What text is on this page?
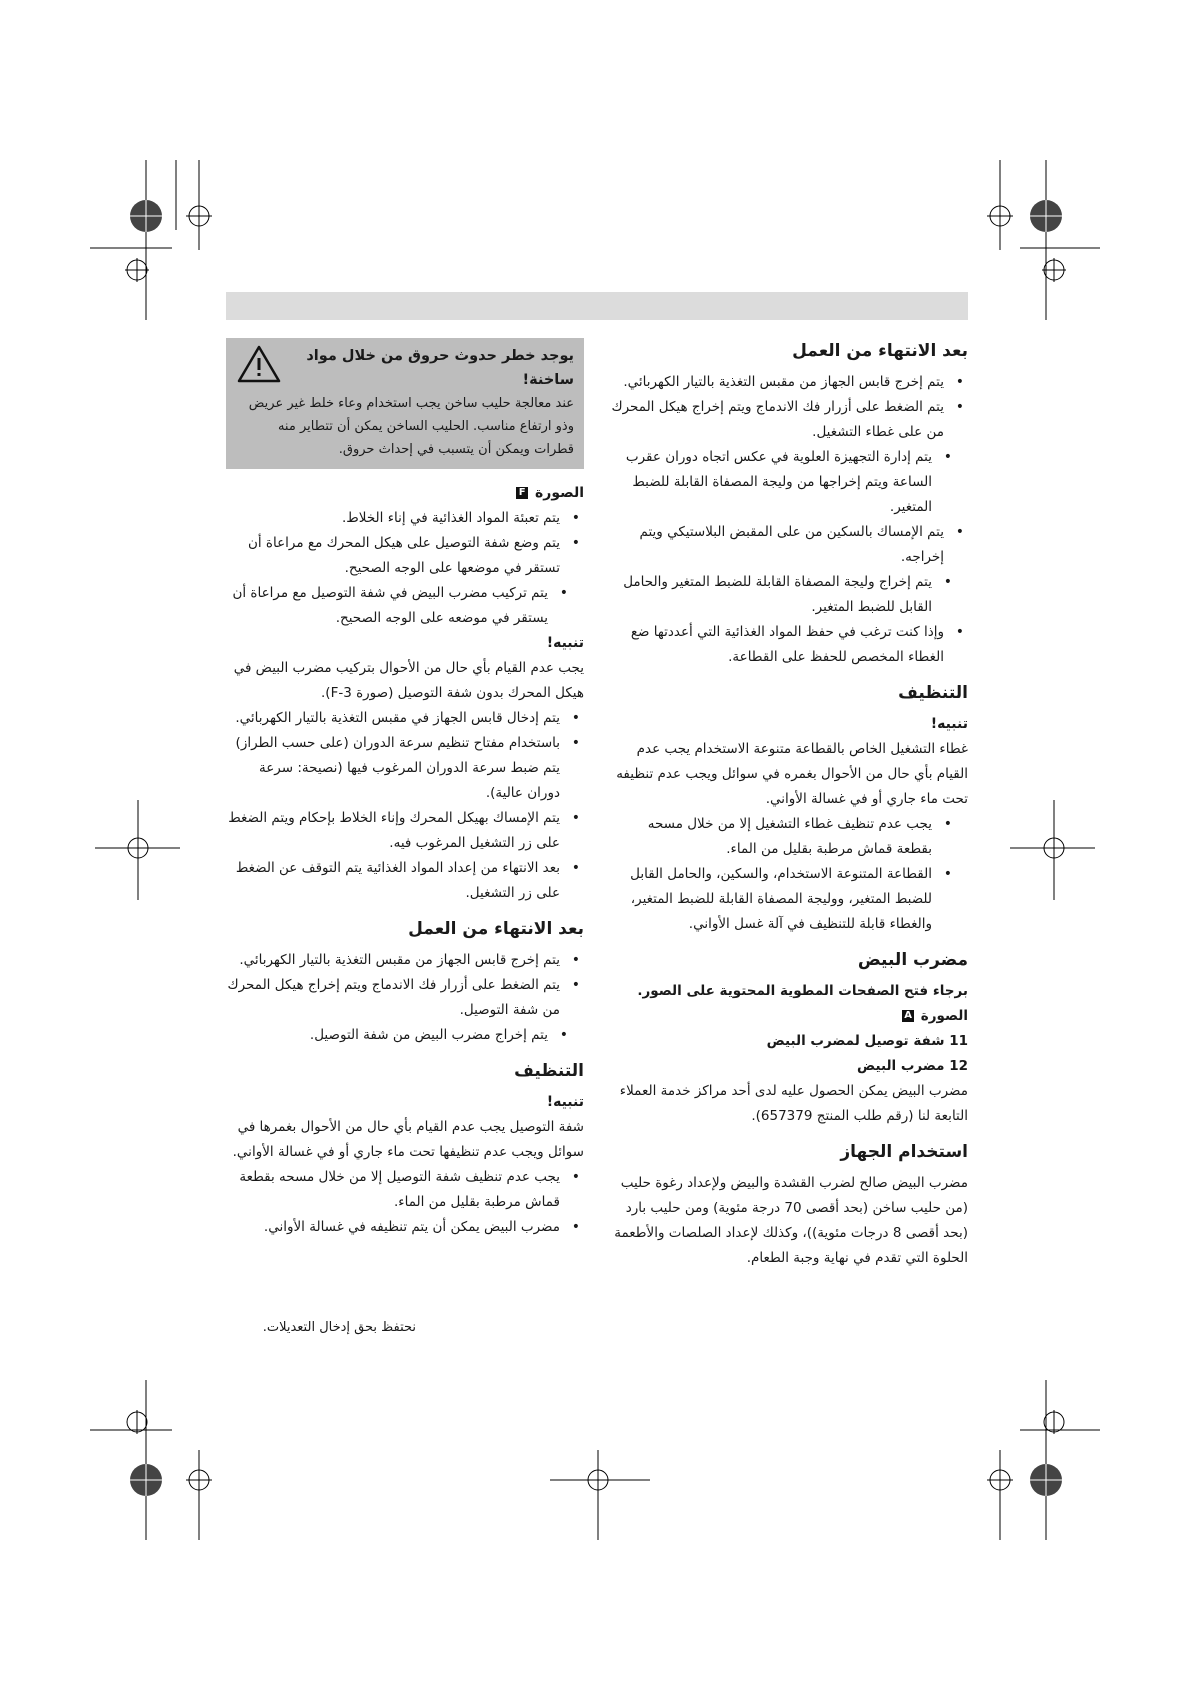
بعد الانتهاء من العمل
• يتم إخرج قابس الجهاز من مقبس التغذية بالتيار الكهربائي.
• يتم الضغط على أزرار فك الاندماج ويتم إخراج هيكل المحرك من على غطاء التشغيل.
• يتم إدارة التجهيزة العلوية في عكس اتجاه دوران عقرب الساعة ويتم إخراجها من وليجة المصفاة القابلة للضبط المتغير.
• يتم الإمساك بالسكين من على المقبض البلاستيكي ويتم إخراجه.
• يتم إخراج وليجة المصفاة القابلة للضبط المتغير والحامل القابل للضبط المتغير.
• وإذا كنت ترغب في حفظ المواد الغذائية التي أعددتها ضع الغطاء المخصص للحفظ على القطاعة.
التنظيف
تنبيه!

غطاء التشغيل الخاص بالقطاعة متنوعة الاستخدام يجب عدم القيام بأي حال من الأحوال بغمره في سوائل ويجب عدم تنظيفه تحت ماء جاري أو في غسالة الأواني.

• يجب عدم تنظيف غطاء التشغيل إلا من خلال مسحه بقطعة قماش مرطبة بقليل من الماء.
• القطاعة المتنوعة الاستخدام، والسكين، والحامل القابل للضبط المتغير، ووليجة المصفاة القابلة للضبط المتغير، والغطاء قابلة للتنظيف في آلة غسل الأواني.
مضرب البيض

برجاء فتح الصفحات المطوية المحتوية على الصور.

الصورة A

11 شفة توصيل لمضرب البيض

12 مضرب البيض

مضرب البيض يمكن الحصول عليه لدى أحد مراكز خدمة العملاء التابعة لنا (رقم طلب المنتج 657379).

استخدام الجهاز

مضرب البيض صالح لضرب القشدة والبيض ولإعداد رغوة حليب (من حليب ساخن (بحد أقصى 70 درجة مئوية) ومن حليب بارد (بحد أقصى 8 درجات مئوية))، وكذلك لإعداد الصلصات والأطعمة الحلوة التي تقدم في نهاية وجبة الطعام.

يوجد خطر حدوث حروق من خلال مواد ساخنة!
عند معالجة حليب ساخن يجب استخدام وعاء خلط غير عريض وذو ارتفاع مناسب. الحليب الساخن يمكن أن تتطاير منه قطرات ويمكن أن يتسبب في إحداث حروق.
الصورة F
• يتم تعبئة المواد الغذائية في إناء الخلاط.
• يتم وضع شفة التوصيل على هيكل المحرك مع مراعاة أن تستقر في موضعها على الوجه الصحيح.
• يتم تركيب مضرب البيض في شفة التوصيل مع مراعاة أن يستقر في موضعه على الوجه الصحيح.
تنبيه!

يجب عدم القيام بأي حال من الأحوال بتركيب مضرب البيض في هيكل المحرك بدون شفة التوصيل (صورة F-3).

• يتم إدخال قابس الجهاز في مقبس التغذية بالتيار الكهربائي.
• باستخدام مفتاح تنظيم سرعة الدوران (على حسب الطراز) يتم ضبط سرعة الدوران المرغوب فيها (نصيحة: سرعة دوران عالية).
• يتم الإمساك بهيكل المحرك وإناء الخلاط بإحكام ويتم الضغط على زر التشغيل المرغوب فيه.
• بعد الانتهاء من إعداد المواد الغذائية يتم التوقف عن الضغط على زر التشغيل.
بعد الانتهاء من العمل
• يتم إخرج قابس الجهاز من مقبس التغذية بالتيار الكهربائي.
• يتم الضغط على أزرار فك الاندماج ويتم إخراج هيكل المحرك من شفة التوصيل.
• يتم إخراج مضرب البيض من شفة التوصيل.
التنظيف
تنبيه!

شفة التوصيل يجب عدم القيام بأي حال من الأحوال بغمرها في سوائل ويجب عدم تنظيفها تحت ماء جاري أو في غسالة الأواني.

• يجب عدم تنظيف شفة التوصيل إلا من خلال مسحه بقطعة قماش مرطبة بقليل من الماء.
• مضرب البيض يمكن أن يتم تنظيفه في غسالة الأواني.
نحتفظ بحق إدخال التعديلات.
